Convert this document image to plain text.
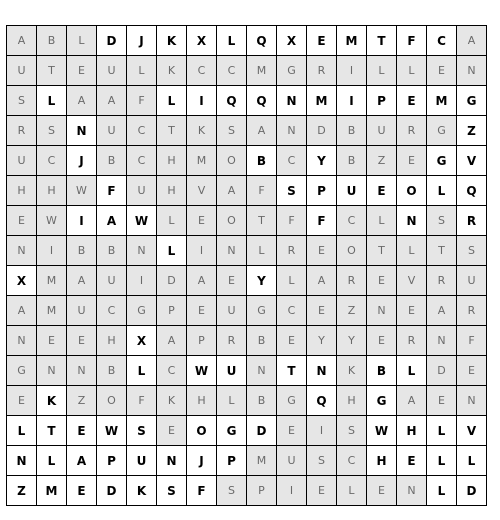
A	B	L	D	J	K	X	L	Q	X	E	M	T	F	C	A
U	T	E	U	L	K	C	C	M	G	R	I	L	L	E	N
S	L	A	A	F	L	I	Q	Q	N	M	I	P	E	M	G
R	S	N	U	C	T	K	S	A	N	D	B	U	R	G	Z
U	C	J	B	C	H	M	O	B	C	Y	B	Z	E	G	V
H	H	W	F	U	H	V	A	F	S	P	U	E	O	L	Q
E	W	I	A	W	L	E	O	T	F	F	C	L	N	S	R
N	I	B	B	N	L	I	N	L	R	E	O	T	L	T	S
X	M	A	U	I	D	A	E	Y	L	A	R	E	V	R	U
A	M	U	C	G	P	E	U	G	C	E	Z	N	E	A	R
N	E	E	H	X	A	P	R	B	E	Y	Y	E	R	N	F
G	N	N	B	L	C	W	U	N	T	N	K	B	L	D	E
E	K	Z	O	F	K	H	L	B	G	Q	H	G	A	E	N
L	T	E	W	S	E	O	G	D	E	I	S	W	H	L	V
N	L	A	P	U	N	J	P	M	U	S	C	H	E	L	L
Z	M	E	D	K	S	F	S	P	I	E	L	E	N	L	D
